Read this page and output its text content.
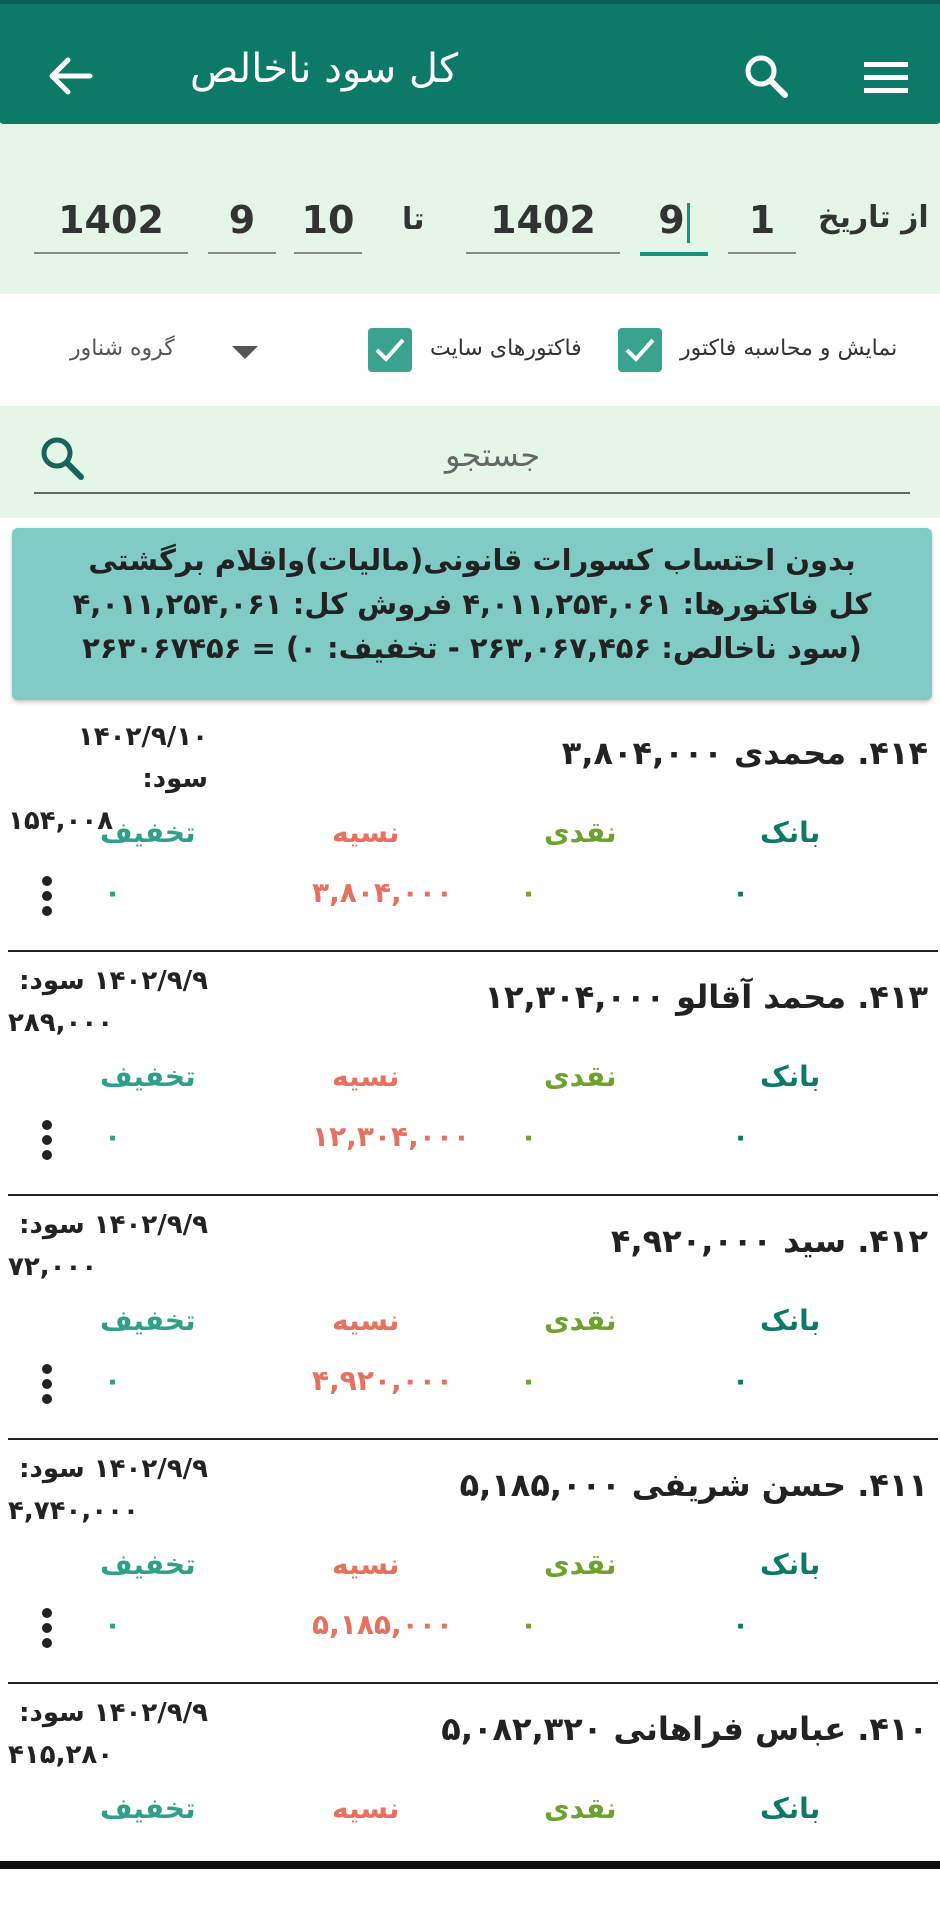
کل سود ناخالص
از تاریخ
1
9
1402
تا
10
9
1402
نمایش و محاسبه فاکتور
فاکتورهای سایت
گروه شناور
جستجو
بدون احتساب کسورات قانونی(مالیات)واقلام برگشتی
کل فاکتورها: ۴,۰۱۱,۲۵۴,۰۶۱ فروش کل: ۴,۰۱۱,۲۵۴,۰۶۱
(سود ناخالص: ۲۶۳,۰۶۷,۴۵۶ - تخفیف: ۰) = ۲۶۳۰۶۷۴۵۶
۴۱۴. محمدی ۳,۸۰۴,۰۰۰
۱۴۰۲/۹/۱۰ سود:
۱۵۴,۰۰۸	بانک
نقدی
نسیه
تخفیف
۰
۰
۳,۸۰۴,۰۰۰
۰
۴۱۳. محمد آقالو ۱۲,۳۰۴,۰۰۰
۱۴۰۲/۹/۹ سود:
۲۸۹,۰۰۰
بانک
نقدی
نسیه
تخفیف
۰
۰
۱۲,۳۰۴,۰۰۰
۰
۴۱۲. سید ۴,۹۲۰,۰۰۰
۱۴۰۲/۹/۹ سود:
۷۲,۰۰۰
بانک
نقدی
نسیه
تخفیف
۰
۰
۴,۹۲۰,۰۰۰
۰
۴۱۱. حسن شریفی ۵,۱۸۵,۰۰۰
۱۴۰۲/۹/۹ سود:
۴,۷۴۰,۰۰۰
بانک
نقدی
نسیه
تخفیف
۰
۰
۵,۱۸۵,۰۰۰
۰
۴۱۰. عباس فراهانی ۵,۰۸۲,۳۲۰
۱۴۰۲/۹/۹ سود:
۴۱۵,۲۸۰
بانک
نقدی
نسیه
تخفیف
